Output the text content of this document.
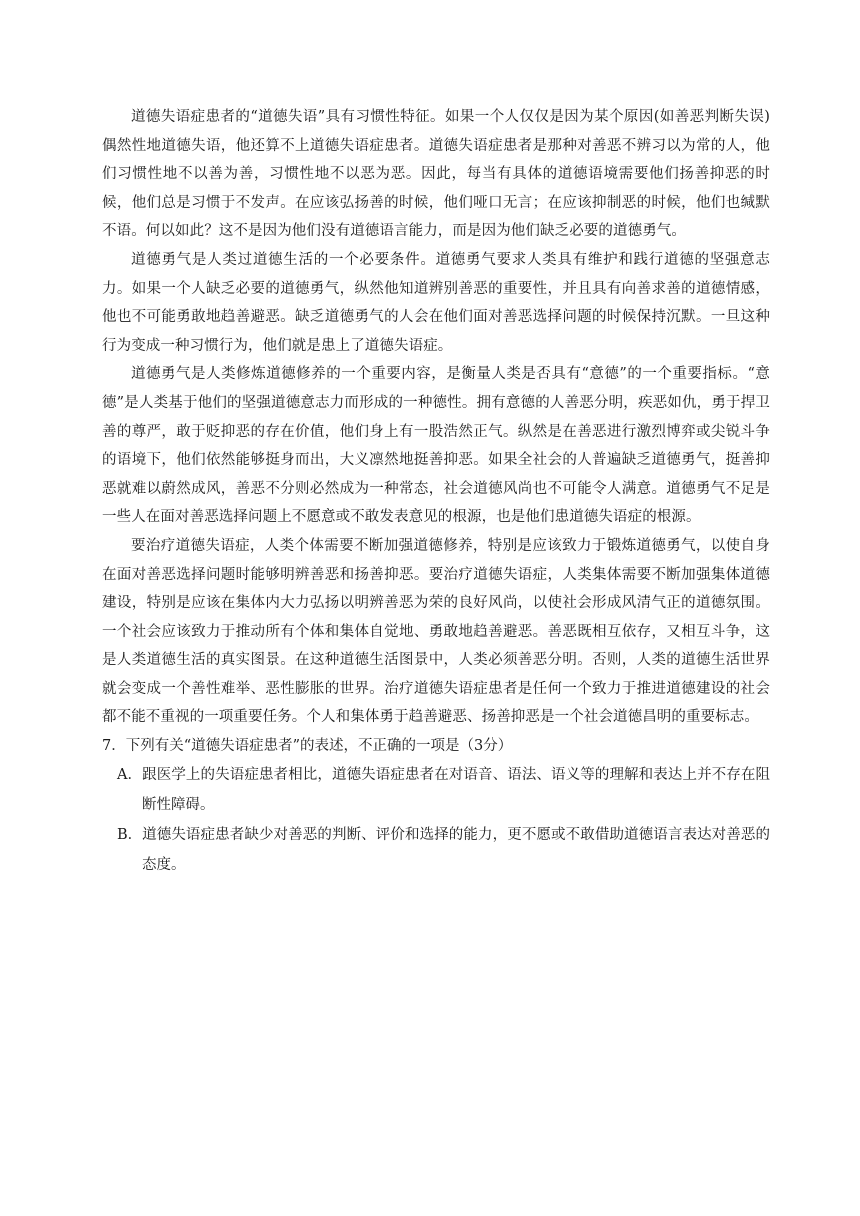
道德失语症患者的“道德失语”具有习惯性特征。如果一个人仅仅是因为某个原因(如善恶判断失误)偶然性地道德失语，他还算不上道德失语症患者。道德失语症患者是那种对善恶不辨习以为常的人，他们习惯性地不以善为善，习惯性地不以恶为恶。因此，每当有具体的道德语境需要他们扬善抑恶的时候，他们总是习惯于不发声。在应该弘扬善的时候，他们哑口无言；在应该抑制恶的时候，他们也缄默不语。何以如此？这不是因为他们没有道德语言能力，而是因为他们缺乏必要的道德勇气。

道德勇气是人类过道德生活的一个必要条件。道德勇气要求人类具有维护和践行道德的坚强意志力。如果一个人缺乏必要的道德勇气，纵然他知道辨别善恶的重要性，并且具有向善求善的道德情感，他也不可能勇敢地趋善避恶。缺乏道德勇气的人会在他们面对善恶选择问题的时候保持沉默。一旦这种行为变成一种习惯行为，他们就是患上了道德失语症。

道德勇气是人类修炼道德修养的一个重要内容，是衡量人类是否具有“意德”的一个重要指标。“意德”是人类基于他们的坚强道德意志力而形成的一种德性。拥有意德的人善恶分明，疾恶如仇，勇于捍卫善的尊严，敢于贬抑恶的存在价值，他们身上有一股浩然正气。纵然是在善恶进行激烈博弈或尖锐斗争的语境下，他们依然能够挺身而出，大义凛然地挺善抑恶。如果全社会的人普遍缺乏道德勇气，挺善抑恶就难以蔚然成风，善恶不分则必然成为一种常态，社会道德风尚也不可能令人满意。道德勇气不足是一些人在面对善恶选择问题上不愿意或不敢发表意见的根源，也是他们患道德失语症的根源。

要治疗道德失语症，人类个体需要不断加强道德修养，特别是应该致力于锻炼道德勇气，以使自身在面对善恶选择问题时能够明辨善恶和扬善抑恶。要治疗道德失语症，人类集体需要不断加强集体道德建设，特别是应该在集体内大力弘扬以明辨善恶为荣的良好风尚，以使社会形成风清气正的道德氛围。一个社会应该致力于推动所有个体和集体自觉地、勇敢地趋善避恶。善恶既相互依存，又相互斗争，这是人类道德生活的真实图景。在这种道德生活图景中，人类必须善恶分明。否则，人类的道德生活世界就会变成一个善性难举、恶性膨胀的世界。治疗道德失语症患者是任何一个致力于推进道德建设的社会都不能不重视的一项重要任务。个人和集体勇于趋善避恶、扬善抑恶是一个社会道德昌明的重要标志。

7．下列有关“道德失语症患者”的表述，不正确的一项是（3分）

A．跟医学上的失语症患者相比，道德失语症患者在对语音、语法、语义等的理解和表达上并不存在阻断性障碍。

B．道德失语症患者缺少对善恶的判断、评价和选择的能力，更不愿或不敢借助道德语言表达对善恶的态度。
